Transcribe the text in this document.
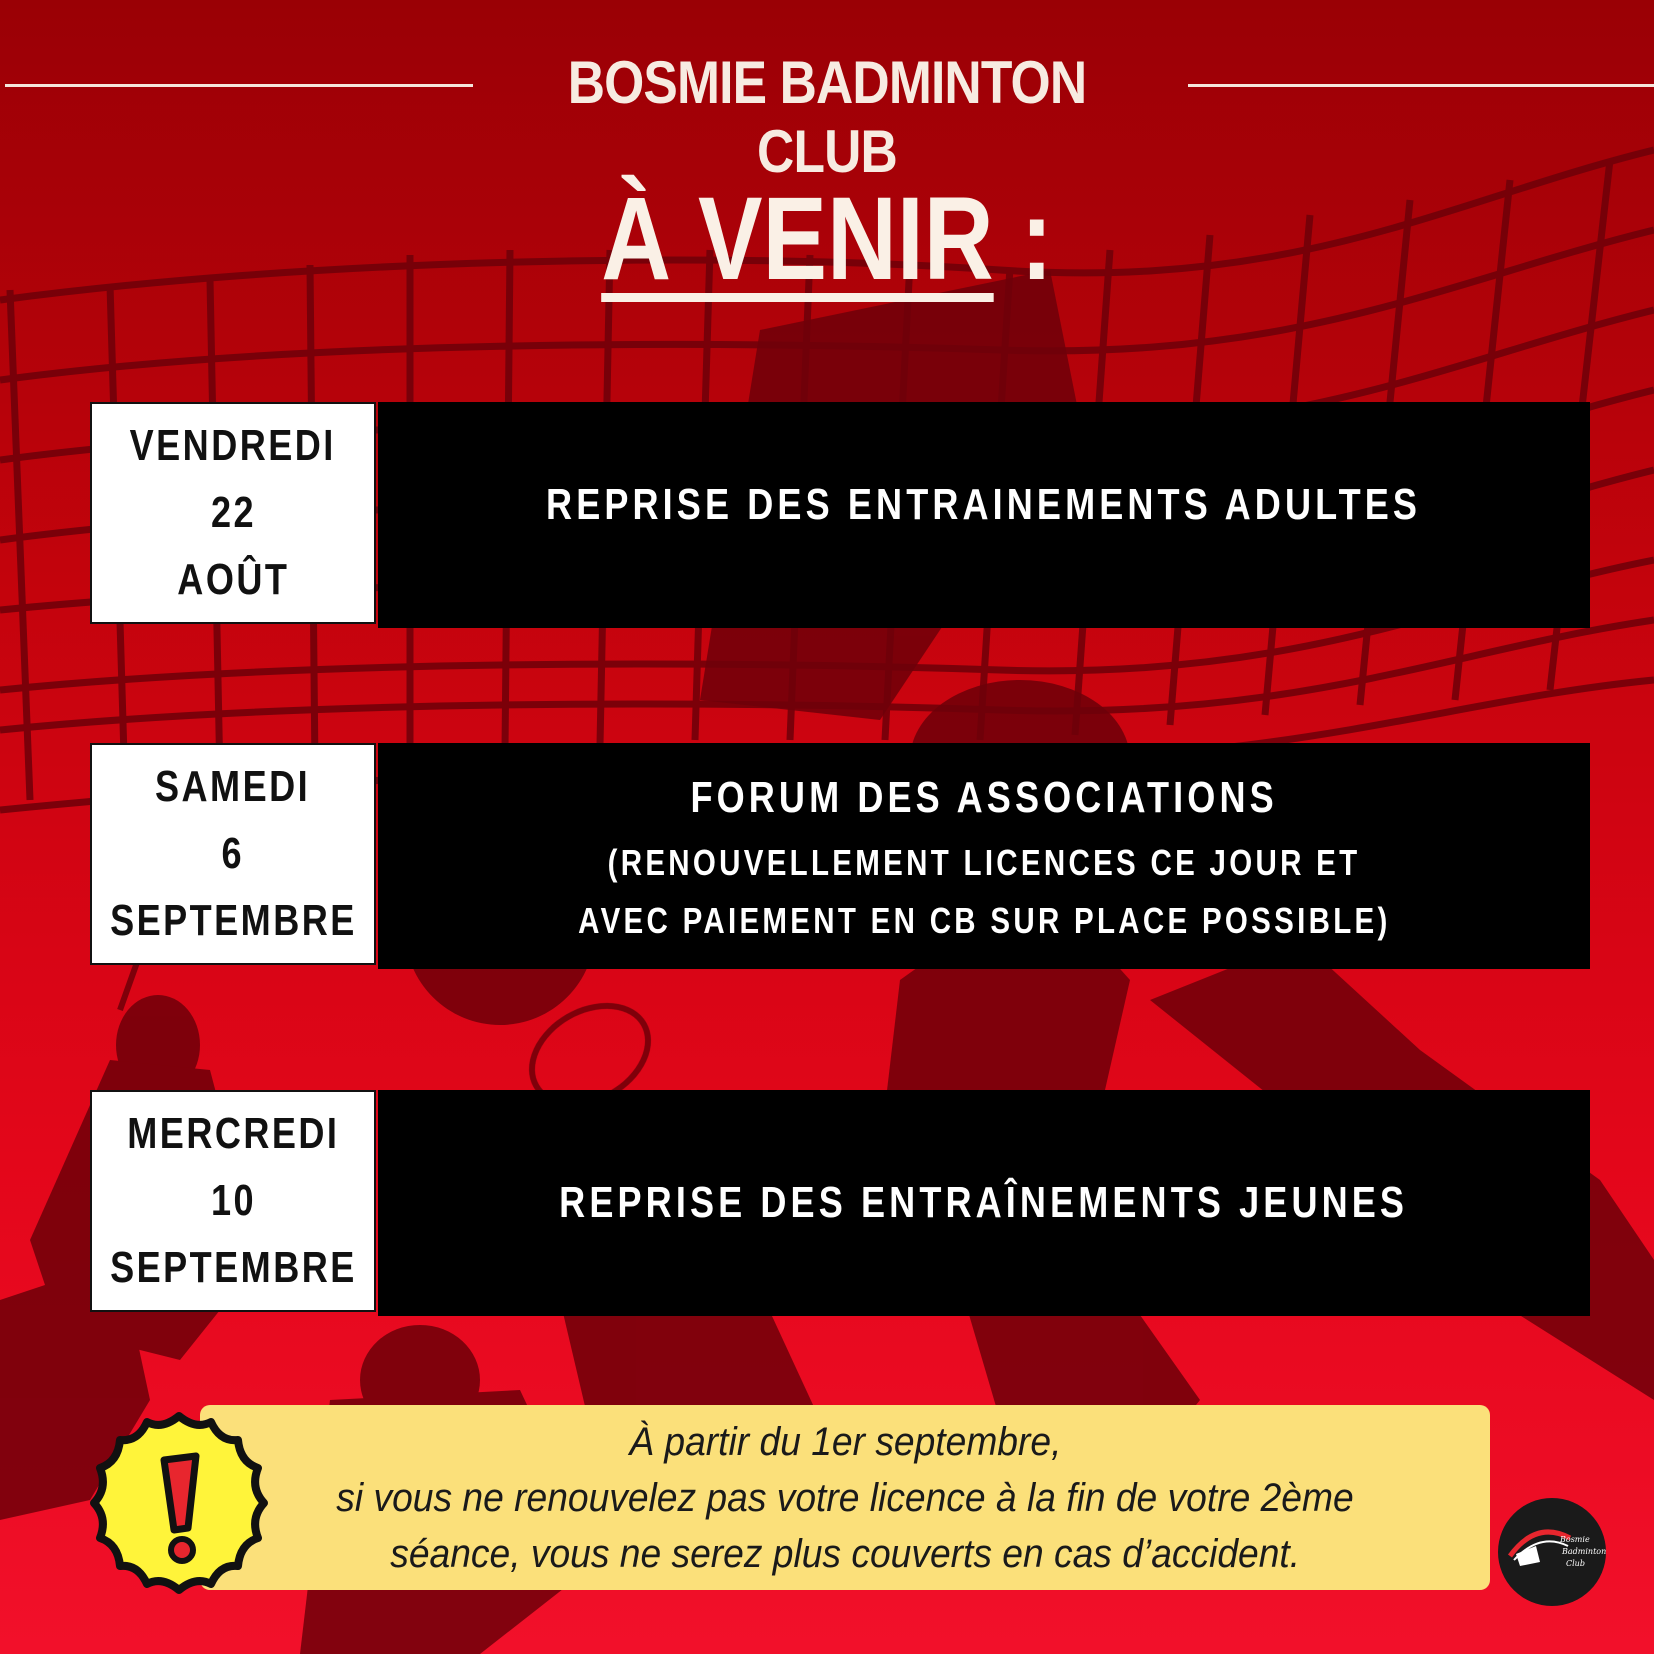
BOSMIE BADMINTON CLUB
À VENIR :
VENDREDI
22
AOÛT
REPRISE DES ENTRAINEMENTS ADULTES
SAMEDI
6
SEPTEMBRE
FORUM DES ASSOCIATIONS
(RENOUVELLEMENT LICENCES CE JOUR ET
AVEC PAIEMENT EN CB SUR PLACE POSSIBLE)
MERCREDI
10
SEPTEMBRE
REPRISE DES ENTRAÎNEMENTS JEUNES
À partir du 1er septembre,
si vous ne renouvelez pas votre licence à la fin de votre 2ème
séance, vous ne serez plus couverts en cas d’accident.	Bosmie
Badminton
Club
